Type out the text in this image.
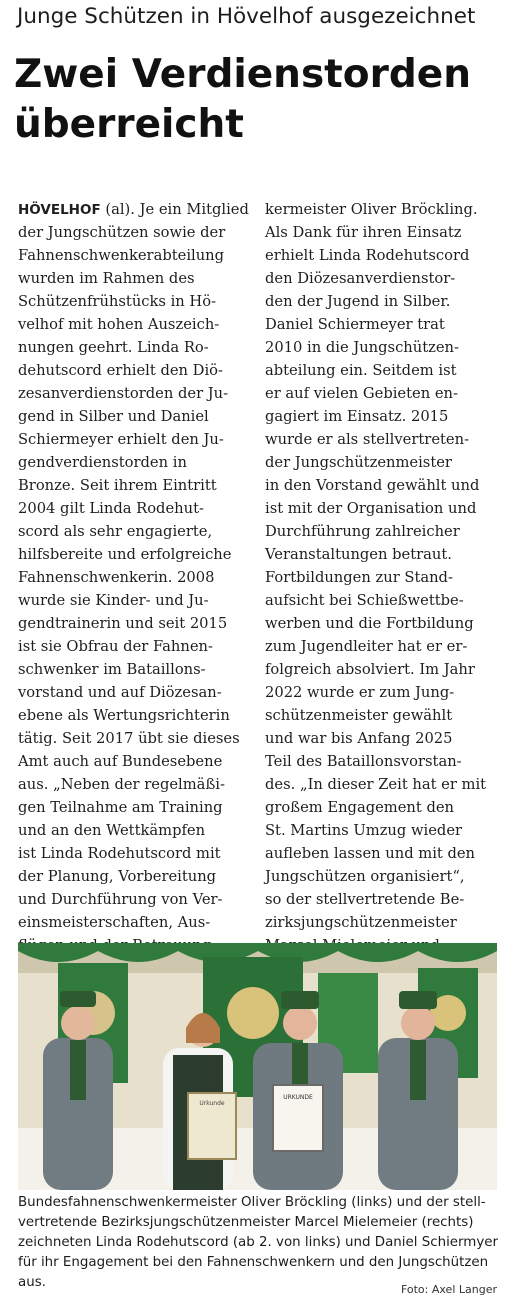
Junge Schützen in Hövelhof ausgezeichnet
Zwei Verdienstorden
überreicht
HÖVELHOF (al). Je ein Mitglied
der Jungschützen sowie der
Fahnenschwenkerabteilung
wurden im Rahmen des
Schützenfrühstücks in Hö-
velhof mit hohen Auszeich-
nungen geehrt. Linda Ro-
dehutscord erhielt den Diö-
zesanverdienstorden der Ju-
gend in Silber und Daniel
Schiermeyer erhielt den Ju-
gendverdienstorden in
Bronze. Seit ihrem Eintritt
2004 gilt Linda Rodehut-
scord als sehr engagierte,
hilfsbereite und erfolgreiche
Fahnenschwenkerin. 2008
wurde sie Kinder- und Ju-
gendtrainerin und seit 2015
ist sie Obfrau der Fahnen-
schwenker im Bataillons-
vorstand und auf Diözesan-
ebene als Wertungsrichterin
tätig. Seit 2017 übt sie dieses
Amt auch auf Bundesebene
aus. „Neben der regelmäßi-
gen Teilnahme am Training
und an den Wettkämpfen
ist Linda Rodehutscord mit
der Planung, Vorbereitung
und Durchführung von Ver-
einsmeisterschaften, Aus-
kermeister Oliver Bröckling.
Als Dank für ihren Einsatz
erhielt Linda Rodehutscord
den Diözesanverdienstor-
den der Jugend in Silber.
Daniel Schiermeyer trat
2010 in die Jungschützen-
abteilung ein. Seitdem ist
er auf vielen Gebieten en-
gagiert im Einsatz. 2015
wurde er als stellvertreten-
der Jungschützenmeister
in den Vorstand gewählt und
ist mit der Organisation und
Durchführung zahlreicher
Veranstaltungen betraut.
Fortbildungen zur Stand-
aufsicht bei Schießwettbe-
werben und die Fortbildung
zum Jugendleiter hat er er-
folgreich absolviert. Im Jahr
2022 wurde er zum Jung-
schützenmeister gewählt
und war bis Anfang 2025
Teil des Bataillonsvorstan-
des. „In dieser Zeit hat er mit
großem Engagement den
St. Martins Umzug wieder
aufleben lassen und mit den
Jungschützen organisiert“,
so der stellvertretende Be-
zirksjungschützenmeister
Urkunde
URKUNDE
Bundesfahnenschwenkermeister Oliver Bröckling (links) und der stell-
vertretende Bezirksjungschützenmeister Marcel Mielemeier (rechts)
zeichneten Linda Rodehutscord (ab 2. von links) und Daniel Schiermyer
für ihr Engagement bei den Fahnenschwenkern und den Jungschützen
aus.	Foto: Axel Langer
